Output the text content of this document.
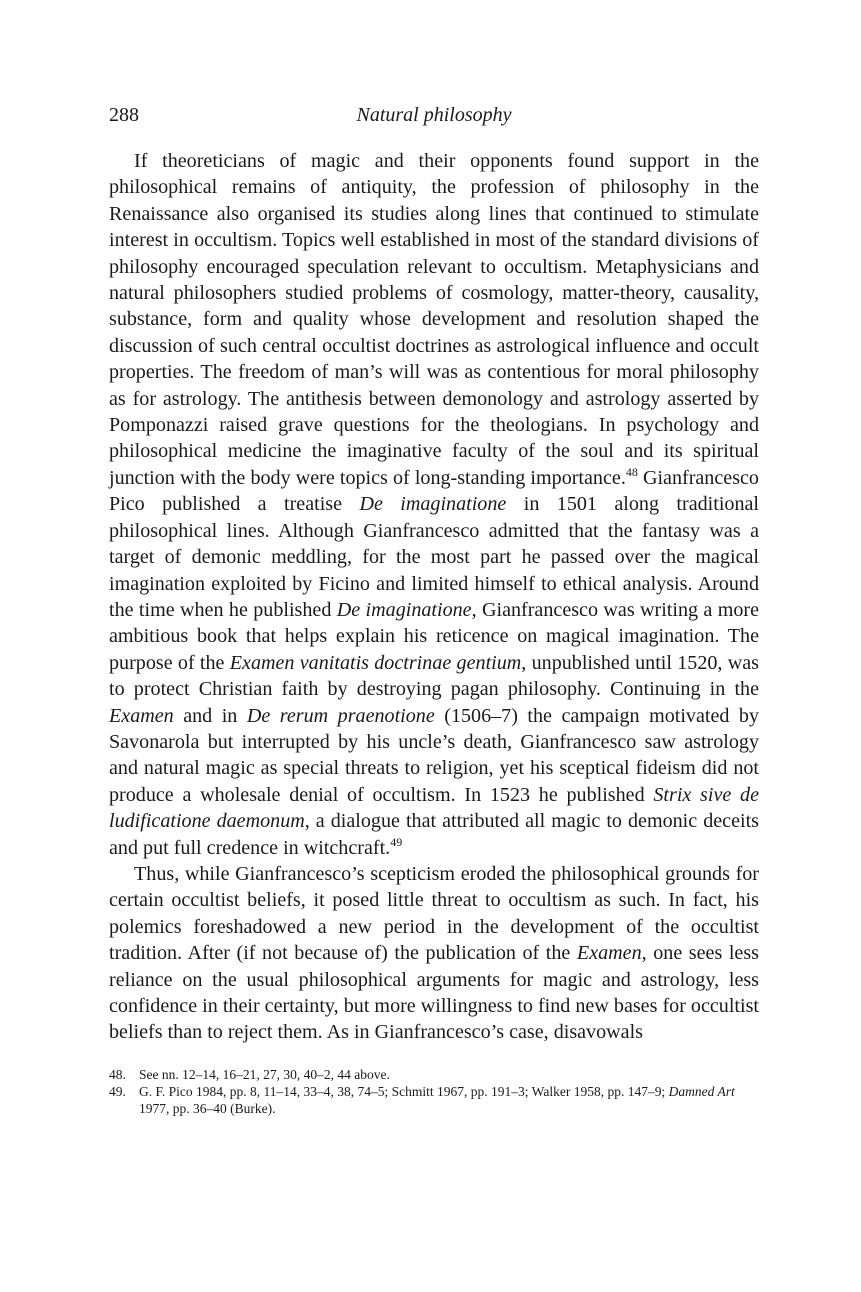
288	Natural philosophy

If theoreticians of magic and their opponents found support in the philosophical remains of antiquity, the profession of philosophy in the Renaissance also organised its studies along lines that continued to stimulate interest in occultism. Topics well established in most of the standard divisions of philosophy encouraged speculation relevant to occultism. Metaphysicians and natural philosophers studied problems of cosmology, matter-theory, causality, substance, form and quality whose development and resolution shaped the discussion of such central occultist doctrines as astrological influence and occult properties. The freedom of man’s will was as contentious for moral philosophy as for astrology. The antithesis between demonology and astrology asserted by Pomponazzi raised grave questions for the theologians. In psychology and philosophical medicine the imaginative faculty of the soul and its spiritual junction with the body were topics of long-standing importance.$^{48}$ Gianfrancesco Pico published a treatise De imaginatione in 1501 along traditional philosophical lines. Although Gianfrancesco admitted that the fantasy was a target of demonic meddling, for the most part he passed over the magical imagination exploited by Ficino and limited himself to ethical analysis. Around the time when he published De imaginatione, Gianfrancesco was writing a more ambitious book that helps explain his reticence on magical imagination. The purpose of the Examen vanitatis doctrinae gentium, unpublished until 1520, was to protect Christian faith by destroying pagan philosophy. Continuing in the Examen and in De rerum praenotione (1506–7) the campaign motivated by Savonarola but interrupted by his uncle’s death, Gianfrancesco saw astrology and natural magic as special threats to religion, yet his sceptical fideism did not produce a wholesale denial of occultism. In 1523 he published Strix sive de ludificatione daemonum, a dialogue that attributed all magic to demonic deceits and put full credence in witchcraft.$^{49}$

Thus, while Gianfrancesco’s scepticism eroded the philosophical grounds for certain occultist beliefs, it posed little threat to occultism as such. In fact, his polemics foreshadowed a new period in the development of the occultist tradition. After (if not because of) the publication of the Examen, one sees less reliance on the usual philosophical arguments for magic and astrology, less confidence in their certainty, but more willingness to find new bases for occultist beliefs than to reject them. As in Gianfrancesco’s case, disavowals

48. See nn. 12–14, 16–21, 27, 30, 40–2, 44 above.
49. G. F. Pico 1984, pp. 8, 11–14, 33–4, 38, 74–5; Schmitt 1967, pp. 191–3; Walker 1958, pp. 147–9; Damned Art 1977, pp. 36–40 (Burke).
